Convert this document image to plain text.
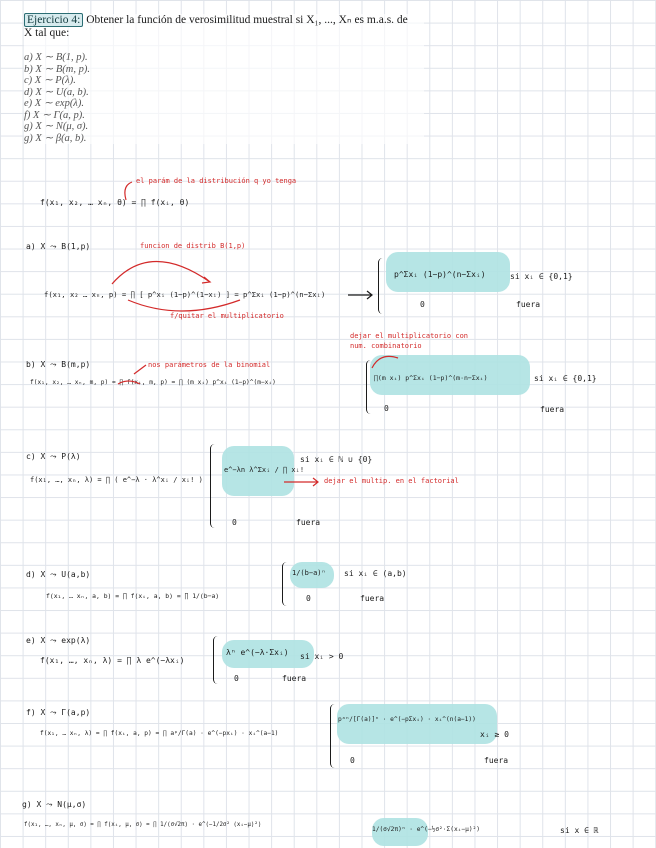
Ejercicio 4: Obtener la función de verosimilitud muestral si X₁, ..., Xₙ es m.a.s. de
X tal que:
a) X ∼ B(1, p).
b) X ∼ B(m, p).
c) X ∼ P(λ).
d) X ∼ U(a, b).
e) X ∼ exp(λ).
f) X ∼ Γ(a, p).
g) X ∼ N(μ, σ).
g) X ∼ β(a, b).
el parám de la distribución q yo tenga
f(x₁, x₂, … xₙ, θ) = ∏ f(xᵢ, θ)
a) X ⤳ B(1,p)	funcion de distrib B(1,p)
f(x₁, x₂ … xₙ, p) = ∏ [ p^xᵢ (1−p)^(1−xᵢ) ] = p^Σxᵢ (1−p)^(n−Σxᵢ)
f/quitar el multiplicatorio
p^Σxᵢ (1−p)^(n−Σxᵢ)	si xᵢ ∈ {0,1}
0	fuera
b) X ⤳ B(m,p)	nos parámetros de la binomial
dejar el multiplicatorio con num. combinatorio
f(x₁, x₂, … xₙ, m, p) = ∏ f(xᵢ, m, p) = ∏ (m xᵢ) p^xᵢ (1−p)^(m−xᵢ)
∏(m xᵢ) p^Σxᵢ (1−p)^(m·n−Σxᵢ)	si xᵢ ∈ {0,1}
0	fuera
c) X ⤳ P(λ)
f(x₁, …, xₙ, λ) = ∏ ( e^−λ · λ^xᵢ / xᵢ! )
e^−λn λ^Σxᵢ / ∏ xᵢ!
si xᵢ ∈ ℕ ∪ {0}
dejar el multip. en el factorial
0	fuera
d) X ⤳ U(a,b)
f(x₁, … xₙ, a, b) = ∏ f(xᵢ, a, b) = ∏ 1/(b−a)
1/(b−a)ⁿ si xᵢ ∈ (a,b)
0	fuera
e) X ⤳ exp(λ)
f(x₁, …, xₙ, λ) = ∏ λ e^(−λxᵢ)
λⁿ e^(−λ·Σxᵢ) si xᵢ > 0
0	fuera
f) X ⤳ Γ(a,p)
f(x₁, … xₙ, λ) = ∏ f(xᵢ, a, p) = ∏ aᵖ/Γ(a) · e^(−pxᵢ) · xᵢ^(a−1)
pᵃⁿ/[Γ(a)]ⁿ · e^(−pΣxᵢ) · xᵢ^(n(a−1))
xᵢ ≥ 0
0	fuera
g) X ⤳ N(μ,σ)
f(x₁, …, xₙ, μ, σ) = ∏ f(xᵢ, μ, σ) = ∏ 1/(σ√2π) · e^(−1/2σ² (xᵢ−μ)²)
1/(σ√2π)ⁿ · e^(−½σ²·Σ(xᵢ−μ)²)	si x ∈ ℝ
